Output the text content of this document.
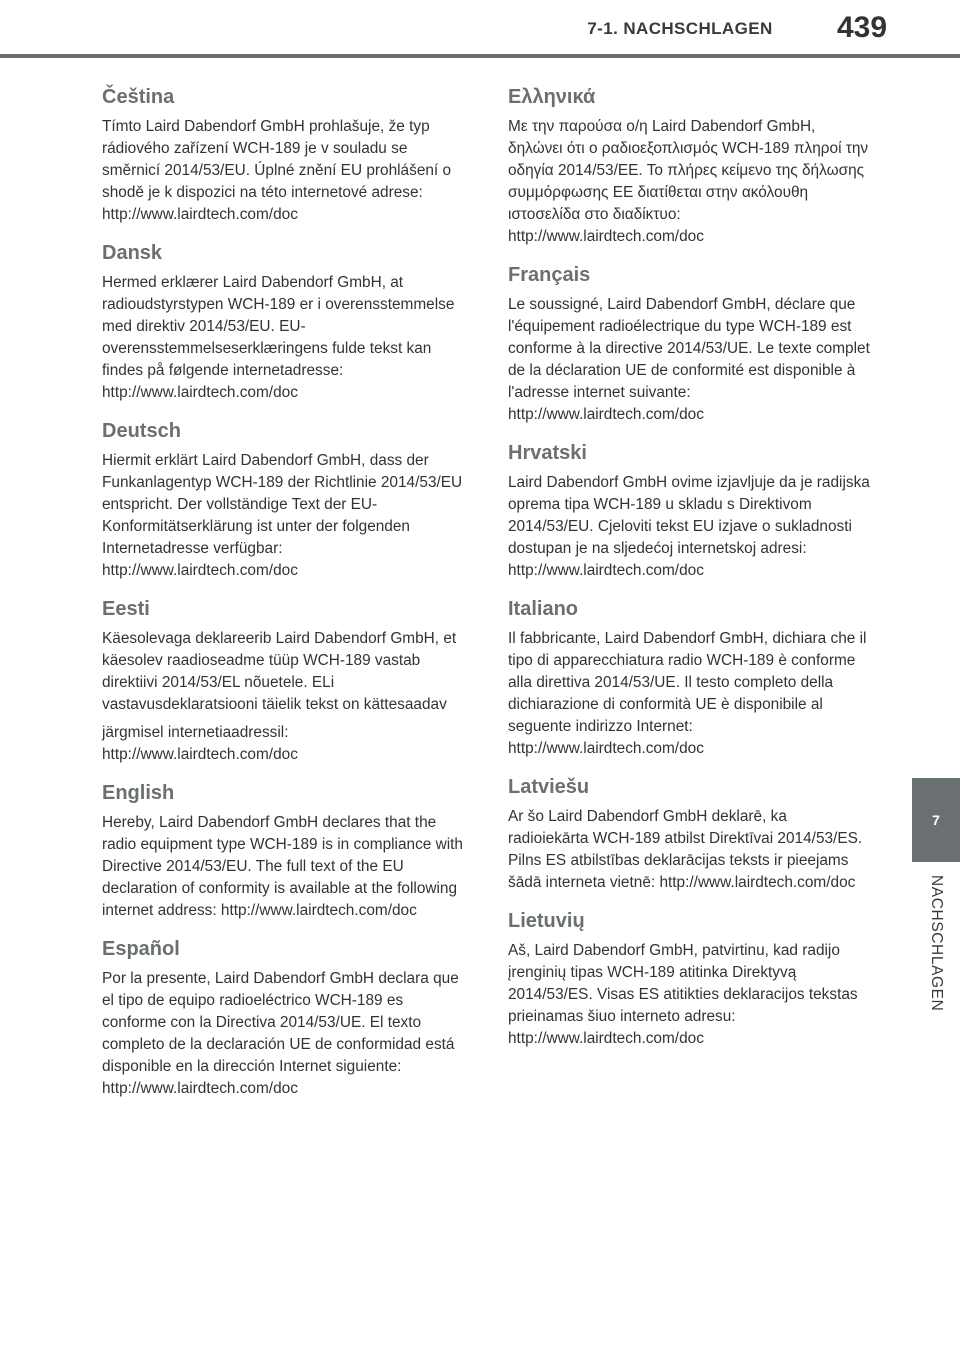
7-1. NACHSCHLAGEN	439
Čeština

Tímto Laird Dabendorf GmbH prohlašuje, že typ rádiového zařízení WCH-189 je v souladu se směrnicí 2014/53/EU. Úplné znění EU prohlášení o shodě je k dispozici na této internetové adrese: http://www.lairdtech.com/doc

Dansk

Hermed erklærer Laird Dabendorf GmbH, at radioudstyrstypen WCH-189 er i overensstemmelse med direktiv 2014/53/EU. EU-overensstemmelseserklæringens fulde tekst kan findes på følgende internetadresse: http://www.lairdtech.com/doc

Deutsch

Hiermit erklärt Laird Dabendorf GmbH, dass der Funkanlagentyp WCH-189 der Richtlinie 2014/53/EU entspricht. Der vollständige Text der EU-Konformitätserklärung ist unter der folgenden Internetadresse verfügbar: http://www.lairdtech.com/doc

Eesti

Käesolevaga deklareerib Laird Dabendorf GmbH, et käesolev raadioseadme tüüp WCH-189 vastab direktiivi 2014/53/EL nõuetele. ELi vastavusdeklaratsiooni täielik tekst on kättesaadav

järgmisel internetiaadressil: http://www.lairdtech.com/doc

English

Hereby, Laird Dabendorf GmbH declares that the radio equipment type WCH-189 is in compliance with Directive 2014/53/EU. The full text of the EU declaration of conformity is available at the following internet address: http://www.lairdtech.com/doc

Español

Por la presente, Laird Dabendorf GmbH declara que el tipo de equipo radioeléctrico WCH-189 es conforme con la Directiva 2014/53/UE. El texto completo de la declaración UE de conformidad está disponible en la dirección Internet siguiente: http://www.lairdtech.com/doc

Ελληνικά

Με την παρούσα ο/η Laird Dabendorf GmbH, δηλώνει ότι ο ραδιοεξοπλισμός WCH-189 πληροί την οδηγία 2014/53/ΕΕ. Το πλήρες κείμενο της δήλωσης συμμόρφωσης ΕΕ διατίθεται στην ακόλουθη ιστοσελίδα στο διαδίκτυο: http://www.lairdtech.com/doc

Français

Le soussigné, Laird Dabendorf GmbH, déclare que l'équipement radioélectrique du type WCH-189 est conforme à la directive 2014/53/UE. Le texte complet de la déclaration UE de conformité est disponible à l'adresse internet suivante: http://www.lairdtech.com/doc

Hrvatski

Laird Dabendorf GmbH ovime izjavljuje da je radijska oprema tipa WCH-189 u skladu s Direktivom 2014/53/EU. Cjeloviti tekst EU izjave o sukladnosti dostupan je na sljedećoj internetskoj adresi: http://www.lairdtech.com/doc

Italiano

Il fabbricante, Laird Dabendorf GmbH, dichiara che il tipo di apparecchiatura radio WCH-189 è conforme alla direttiva 2014/53/UE. Il testo completo della dichiarazione di conformità UE è disponibile al seguente indirizzo Internet: http://www.lairdtech.com/doc

Latviešu

Ar šo Laird Dabendorf GmbH deklarē, ka radioiekārta WCH-189 atbilst Direktīvai 2014/53/ES. Pilns ES atbilstības deklarācijas teksts ir pieejams šādā interneta vietnē: http://www.lairdtech.com/doc

Lietuvių

Aš, Laird Dabendorf GmbH, patvirtinu, kad radijo įrenginių tipas WCH-189 atitinka Direktyvą 2014/53/ES. Visas ES atitikties deklaracijos tekstas prieinamas šiuo interneto adresu: http://www.lairdtech.com/doc

7
NACHSCHLAGEN
